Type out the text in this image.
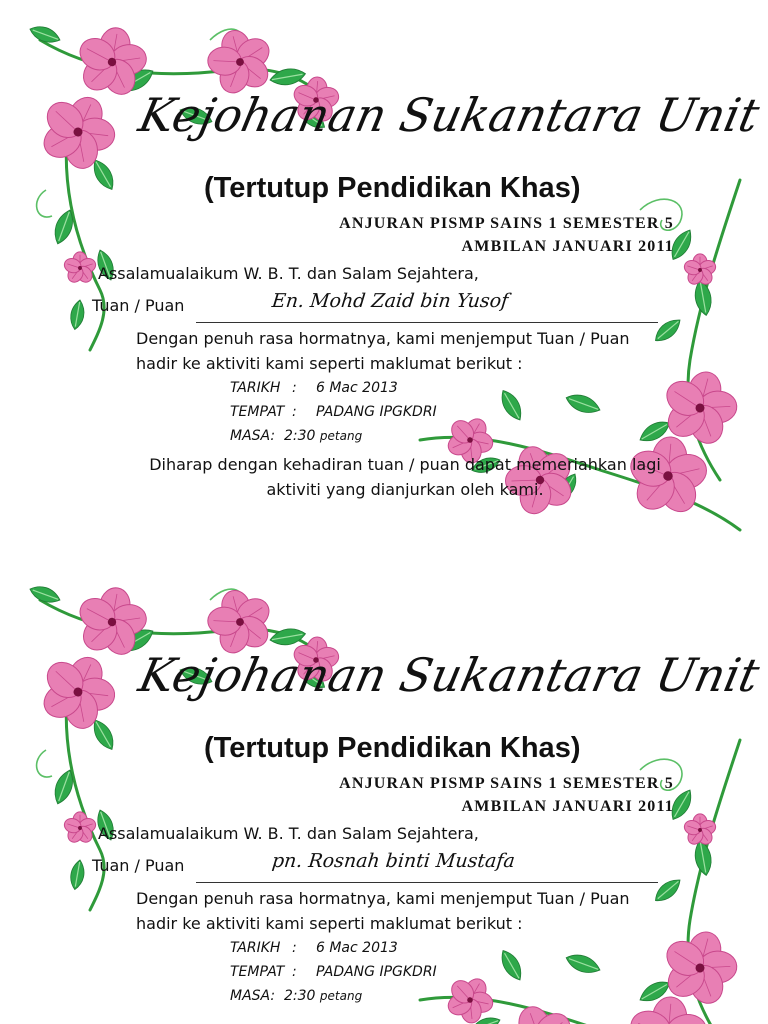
Kejohanan Sukantara Unit
(Tertutup Pendidikan Khas)
ANJURAN PISMP SAINS 1 SEMESTER 5
AMBILAN JANUARI 2011
Assalamualaikum W. B. T. dan Salam Sejahtera,
Tuan / Puan	En. Mohd Zaid bin Yusof
Dengan penuh rasa hormatnya, kami menjemput Tuan / Puan
hadir ke aktiviti kami seperti maklumat berikut :
TARIKH : 6 Mac 2013
TEMPAT : PADANG IPGKDRI
MASA: 2:30 petang
Diharap dengan kehadiran tuan / puan dapat memeriahkan lagi
aktiviti yang dianjurkan oleh kami.
Kejohanan Sukantara Unit
(Tertutup Pendidikan Khas)
ANJURAN PISMP SAINS 1 SEMESTER 5
AMBILAN JANUARI 2011
Assalamualaikum W. B. T. dan Salam Sejahtera,
Tuan / Puan	pn. Rosnah binti Mustafa
Dengan penuh rasa hormatnya, kami menjemput Tuan / Puan
hadir ke aktiviti kami seperti maklumat berikut :
TARIKH : 6 Mac 2013
TEMPAT : PADANG IPGKDRI
MASA: 2:30 petang
